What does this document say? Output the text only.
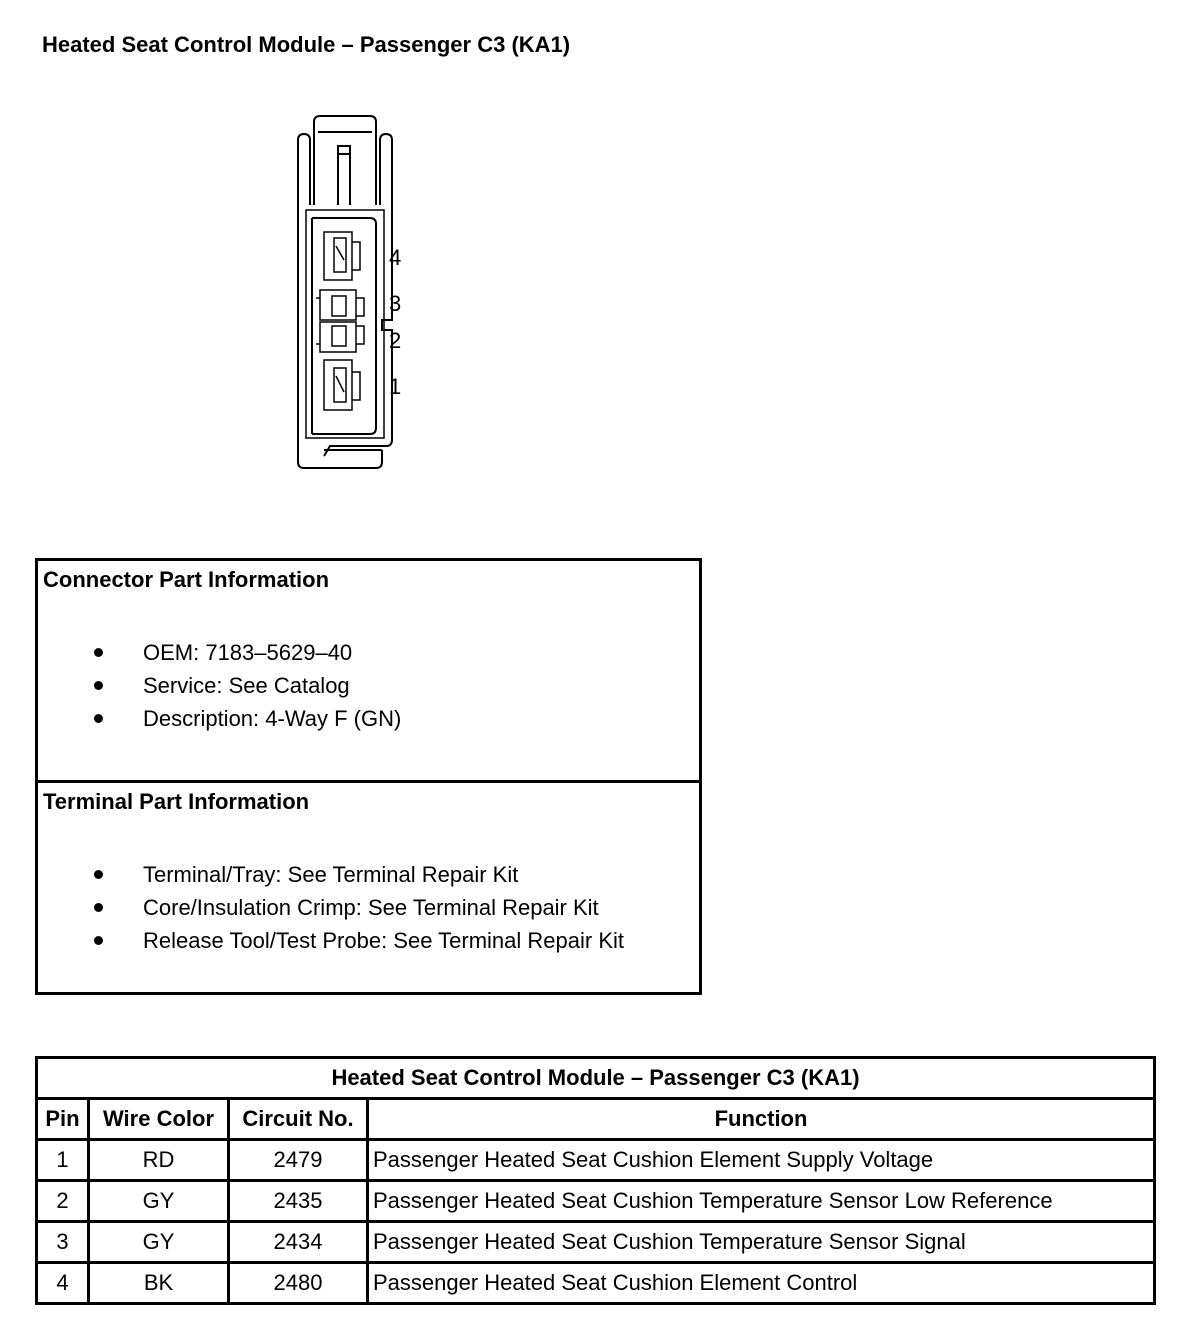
Heated Seat Control Module – Passenger C3 (KA1)
4
3
2
1
Connector Part Information
OEM: 7183–5629–40
Service: See Catalog
Description: 4-Way F (GN)
Terminal Part Information
Terminal/Tray: See Terminal Repair Kit
Core/Insulation Crimp: See Terminal Repair Kit
Release Tool/Test Probe: See Terminal Repair Kit
Heated Seat Control Module – Passenger C3 (KA1)			
Pin	Wire Color	Circuit No.	Function
1	RD	2479	Passenger Heated Seat Cushion Element Supply Voltage
2	GY	2435	Passenger Heated Seat Cushion Temperature Sensor Low Reference
3	GY	2434	Passenger Heated Seat Cushion Temperature Sensor Signal
4	BK	2480	Passenger Heated Seat Cushion Element Control
